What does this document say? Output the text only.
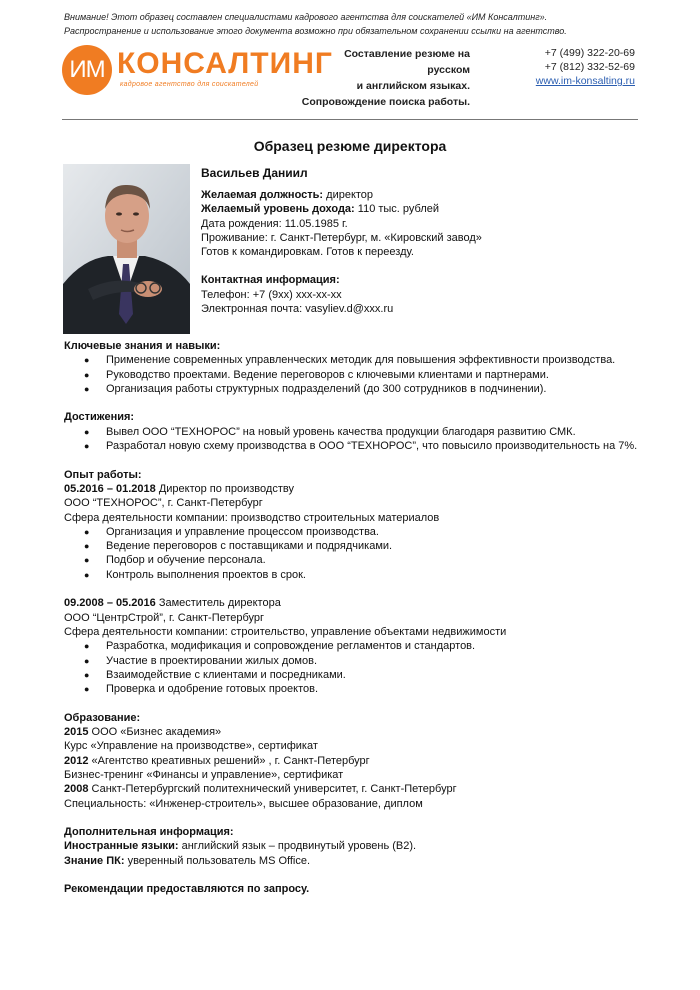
Внимание! Этот образец составлен специалистами кадрового агентства для соискателей «ИМ Консалтинг».
Распространение и использование этого документа возможно при обязательном сохранении ссылки на агентство.
ИМ КОНСАЛТИНГ
кадровое агентство для соискателей
Составление резюме на русском
и английском языках.
Сопровождение поиска работы.
+7 (499) 322-20-69
+7 (812) 332-52-69
www.im-konsalting.ru
Образец резюме директора
Васильев Даниил
Желаемая должность: директор
Желаемый уровень дохода: 110 тыс. рублей
Дата рождения: 11.05.1985 г.
Проживание: г. Санкт-Петербург, м. «Кировский завод»
Готов к командировкам. Готов к переезду.
Контактная информация:
Телефон: +7 (9хх) ххх-хх-хх
Электронная почта: vasyliev.d@xxx.ru

Ключевые знания и навыки:

● Применение современных управленческих методик для повышения эффективности производства.
● Руководство проектами. Ведение переговоров с ключевыми клиентами и партнерами.
● Организация работы структурных подразделений (до 300 сотрудников в подчинении).

Достижения:

● Вывел ООО “ТЕХНОРОС” на новый уровень качества продукции благодаря развитию СМК.
● Разработал новую схему производства в ООО “ТЕХНОРОС”, что повысило производительность на 7%.

Опыт работы:

05.2016 – 01.2018 Директор по производству

ООО “ТЕХНОРОС”, г. Санкт-Петербург

Сфера деятельности компании: производство строительных материалов

● Организация и управление процессом производства.
● Ведение переговоров с поставщиками и подрядчиками.
● Подбор и обучение персонала.
● Контроль выполнения проектов в срок.

09.2008 – 05.2016 Заместитель директора

ООО “ЦентрСтрой”, г. Санкт-Петербург

Сфера деятельности компании: строительство, управление объектами недвижимости

● Разработка, модификация и сопровождение регламентов и стандартов.
● Участие в проектировании жилых домов.
● Взаимодействие с клиентами и посредниками.
● Проверка и одобрение готовых проектов.

Образование:

2015 ООО «Бизнес академия»

Курс «Управление на производстве», сертификат

2012 «Агентство креативных решений» , г. Санкт-Петербург

Бизнес-тренинг «Финансы и управление», сертификат

2008 Санкт-Петербургский политехнический университет, г. Санкт-Петербург

Специальность: «Инженер-строитель», высшее образование, диплом

Дополнительная информация:

Иностранные языки: английский язык – продвинутый уровень (B2).

Знание ПК: уверенный пользователь MS Office.

Рекомендации предоставляются по запросу.
